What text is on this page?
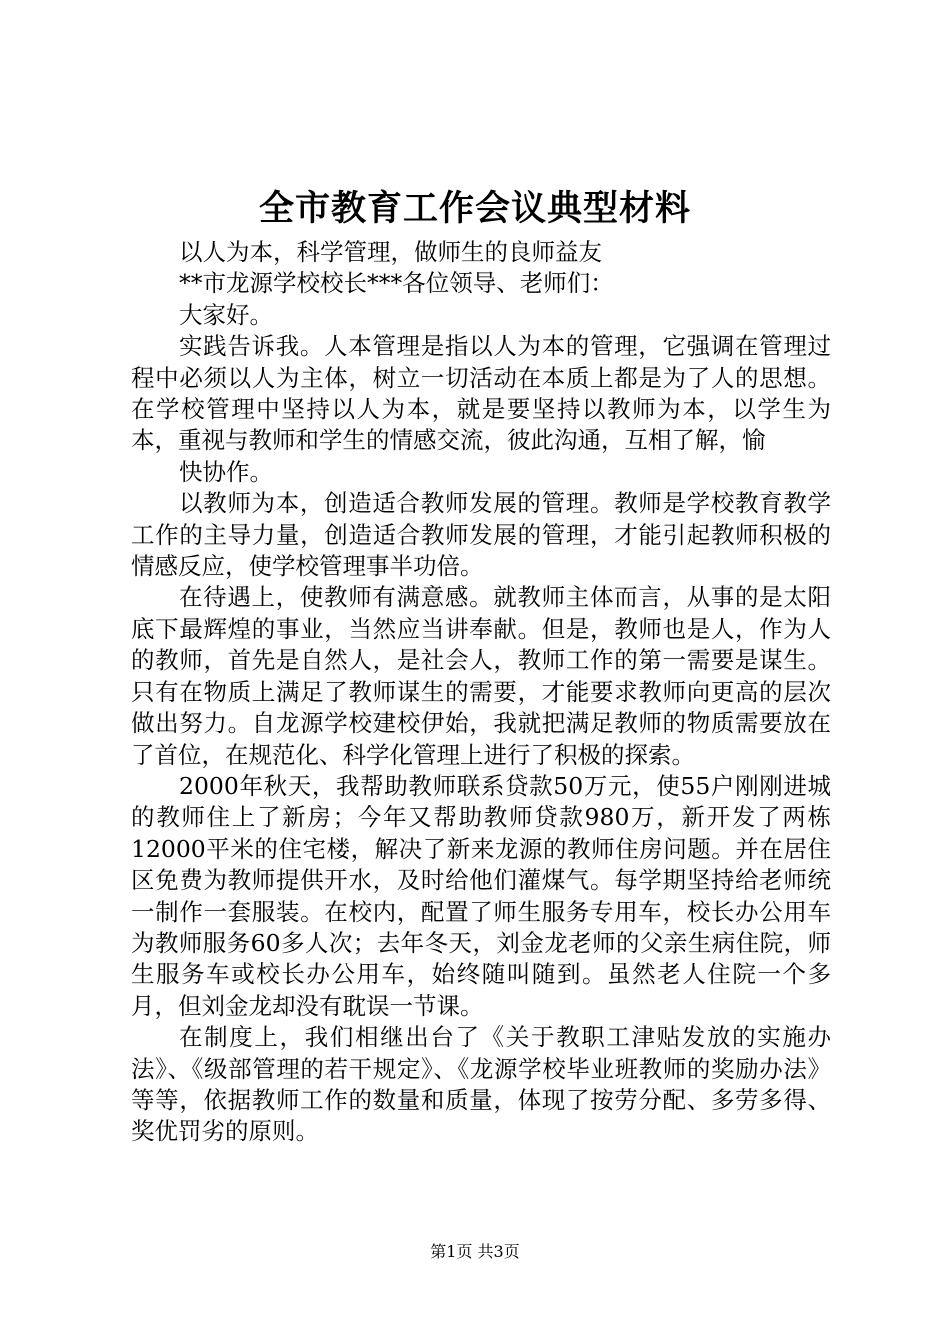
全市教育工作会议典型材料

以人为本，科学管理，做师生的良师益友

**市龙源学校校长***各位领导、老师们：

大家好。

实践告诉我。人本管理是指以人为本的管理，它强调在管理过程中必须以人为主体，树立一切活动在本质上都是为了人的思想。在学校管理中坚持以人为本，就是要坚持以教师为本，以学生为本，重视与教师和学生的情感交流，彼此沟通，互相了解，愉

快协作。

以教师为本，创造适合教师发展的管理。教师是学校教育教学工作的主导力量，创造适合教师发展的管理，才能引起教师积极的情感反应，使学校管理事半功倍。

在待遇上，使教师有满意感。就教师主体而言，从事的是太阳底下最辉煌的事业，当然应当讲奉献。但是，教师也是人，作为人的教师，首先是自然人，是社会人，教师工作的第一需要是谋生。只有在物质上满足了教师谋生的需要，才能要求教师向更高的层次做出努力。自龙源学校建校伊始，我就把满足教师的物质需要放在了首位，在规范化、科学化管理上进行了积极的探索。

2000年秋天，我帮助教师联系贷款50万元，使55户刚刚进城的教师住上了新房；今年又帮助教师贷款980万，新开发了两栋12000平米的住宅楼，解决了新来龙源的教师住房问题。并在居住区免费为教师提供开水，及时给他们灌煤气。每学期坚持给老师统一制作一套服装。在校内，配置了师生服务专用车，校长办公用车为教师服务60多人次；去年冬天，刘金龙老师的父亲生病住院，师生服务车或校长办公用车，始终随叫随到。虽然老人住院一个多月，但刘金龙却没有耽误一节课。

在制度上，我们相继出台了《关于教职工津贴发放的实施办法》、《级部管理的若干规定》、《龙源学校毕业班教师的奖励办法》等等，依据教师工作的数量和质量，体现了按劳分配、多劳多得、奖优罚劣的原则。

第1页 共3页
